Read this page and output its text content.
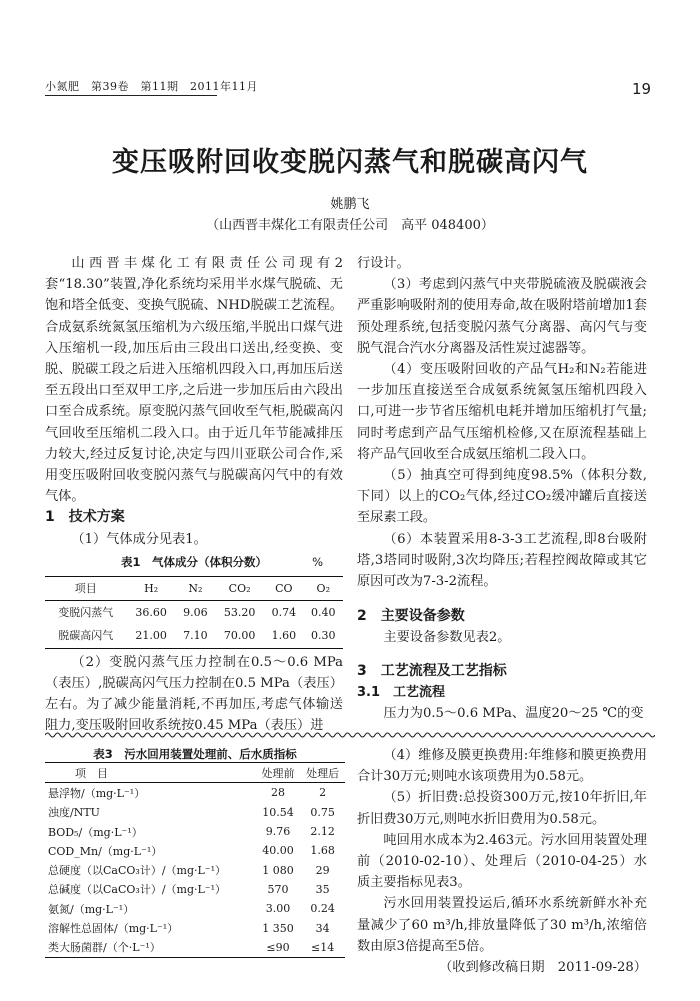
小氮肥　第39卷　第11期　2011年11月	19
变压吸附回收变脱闪蒸气和脱碳高闪气
姚鹏飞
（山西晋丰煤化工有限责任公司　高平 048400）

山西晋丰煤化工有限责任公司现有2套“18.30”装置,净化系统均采用半水煤气脱硫、无饱和塔全低变、变换气脱硫、NHD脱碳工艺流程。合成氨系统氮氢压缩机为六级压缩,半脱出口煤气进入压缩机一段,加压后由三段出口送出,经变换、变脱、脱碳工段之后进入压缩机四段入口,再加压后送至五段出口至双甲工序,之后进一步加压后由六段出口至合成系统。原变脱闪蒸气回收至气柜,脱碳高闪气回收至压缩机二段入口。由于近几年节能减排压力较大,经过反复讨论,决定与四川亚联公司合作,采用变压吸附回收变脱闪蒸气与脱碳高闪气中的有效气体。

1　技术方案

（1）气体成分见表1。

表1　气体成分（体积分数）	%
项目	H₂	N₂	CO₂	CO	O₂
变脱闪蒸气	36.60	9.06	53.20	0.74	0.40
脱碳高闪气	21.00	7.10	70.00	1.60	0.30

（2）变脱闪蒸气压力控制在0.5～0.6 MPa（表压）,脱碳高闪气压力控制在0.5 MPa（表压）左右。为了减少能量消耗,不再加压,考虑气体输送阻力,变压吸附回收系统按0.45 MPa（表压）进

行设计。

（3）考虑到闪蒸气中夹带脱硫液及脱碳液会严重影响吸附剂的使用寿命,故在吸附塔前增加1套预处理系统,包括变脱闪蒸气分离器、高闪气与变脱气混合汽水分离器及活性炭过滤器等。

（4）变压吸附回收的产品气H₂和N₂若能进一步加压直接送至合成氨系统氮氢压缩机四段入口,可进一步节省压缩机电耗并增加压缩机打气量;同时考虑到产品气压缩机检修,又在原流程基础上将产品气回收至合成氨压缩机二段入口。

（5）抽真空可得到纯度98.5%（体积分数,下同）以上的CO₂气体,经过CO₂缓冲罐后直接送至尿素工段。

（6）本装置采用8-3-3工艺流程,即8台吸附塔,3塔同时吸附,3次均降压;若程控阀故障或其它原因可改为7-3-2流程。

2　主要设备参数

主要设备参数见表2。

3　工艺流程及工艺指标

3.1　工艺流程

压力为0.5～0.6 MPa、温度20～25 ℃的变

表3　污水回用装置处理前、后水质指标
项　目	处理前	处理后
悬浮物/（mg·L⁻¹）	28	2
浊度/NTU	10.54	0.75
BOD₅/（mg·L⁻¹）	9.76	2.12
COD_Mn/（mg·L⁻¹）	40.00	1.68
总硬度（以CaCO₃计）/（mg·L⁻¹）	1 080	29
总碱度（以CaCO₃计）/（mg·L⁻¹）	570	35
氨氮/（mg·L⁻¹）	3.00	0.24
溶解性总固体/（mg·L⁻¹）	1 350	34
类大肠菌群/（个·L⁻¹）	≤90	≤14

（4）维修及膜更换费用:年维修和膜更换费用合计30万元;则吨水该项费用为0.58元。

（5）折旧费:总投资300万元,按10年折旧,年折旧费30万元,则吨水折旧费用为0.58元。

吨回用水成本为2.463元。污水回用装置处理前（2010-02-10）、处理后（2010-04-25）水质主要指标见表3。

污水回用装置投运后,循环水系统新鲜水补充量减少了60 m³/h,排放量降低了30 m³/h,浓缩倍数由原3倍提高至5倍。

（收到修改稿日期　2011-09-28）
